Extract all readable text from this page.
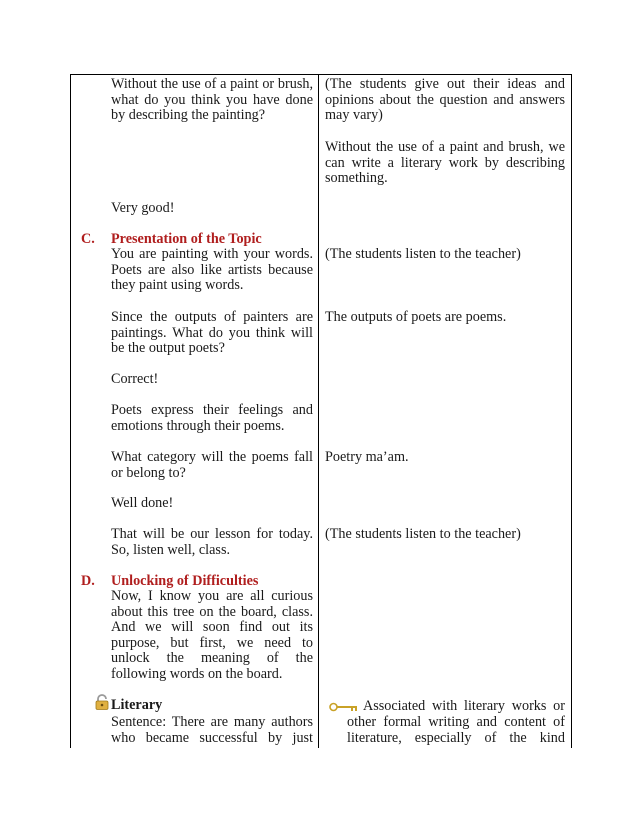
Without the use of a paint or brush, what do you think you have done by describing the painting?
(The students give out their ideas and opinions about the question and answers may vary)
Without the use of a paint and brush, we can write a literary work by describing something.
Very good!
C. Presentation of the Topic
You are painting with your words. Poets are also like artists because they paint using words.
(The students listen to the teacher)
Since the outputs of painters are paintings. What do you think will be the output poets?
The outputs of poets are poems.
Correct!
Poets express their feelings and emotions through their poems.
What category will the poems fall or belong to?
Poetry ma’am.
Well done!
That will be our lesson for today. So, listen well, class.
(The students listen to the teacher)
D. Unlocking of Difficulties
Now, I know you are all curious about this tree on the board, class. And we will soon find out its purpose, but first, we need to unlock the meaning of the following words on the board.
Literary
Sentence: There are many authors who became successful by just
Associated with literary works or
other formal writing and content of
literature, especially of the kind
